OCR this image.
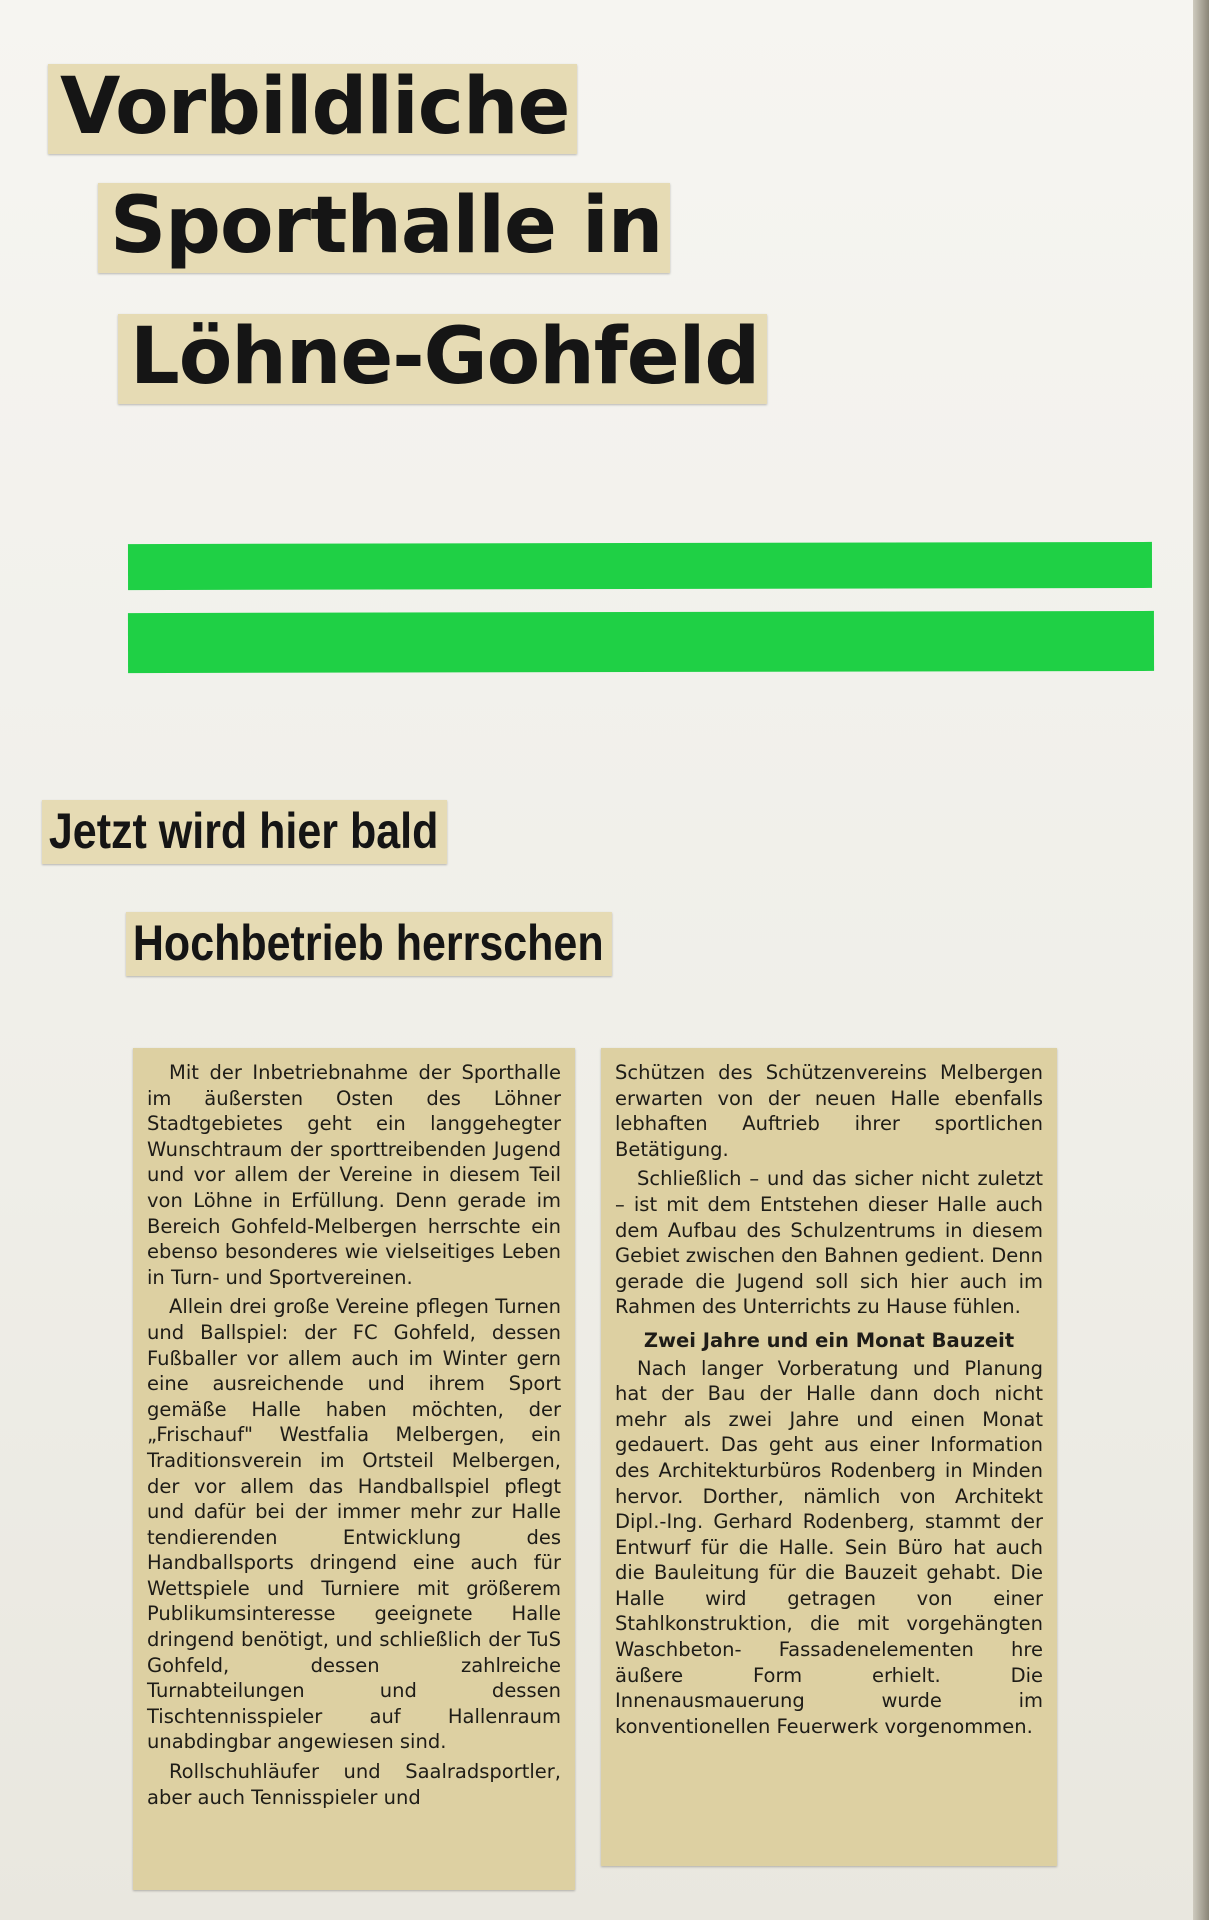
Vorbildliche
Sporthalle in
Löhne-Gohfeld
Jetzt wird hier bald
Hochbetrieb herrschen

Mit der Inbetriebnahme der Sporthalle im äußersten Osten des Löhner Stadtgebietes geht ein langgehegter Wunschtraum der sporttreibenden Jugend und vor allem der Vereine in diesem Teil von Löhne in Erfüllung. Denn gerade im Bereich Gohfeld-Melbergen herrschte ein ebenso besonderes wie vielseitiges Leben in Turn- und Sportvereinen.

Allein drei große Vereine pflegen Turnen und Ballspiel: der FC Gohfeld, dessen Fußballer vor allem auch im Winter gern eine ausreichende und ihrem Sport gemäße Halle haben möchten, der „Frischauf" Westfalia Melbergen, ein Traditionsverein im Ortsteil Melbergen, der vor allem das Handballspiel pflegt und dafür bei der immer mehr zur Halle tendierenden Entwicklung des Handballsports dringend eine auch für Wettspiele und Turniere mit größerem Publikumsinteresse geeignete Halle dringend benötigt, und schließlich der TuS Gohfeld, dessen zahlreiche Turnabteilungen und dessen Tischtennisspieler auf Hallenraum unabdingbar angewiesen sind.

Rollschuhläufer und Saalradsportler, aber auch Tennisspieler und

Schützen des Schützenvereins Melbergen erwarten von der neuen Halle ebenfalls lebhaften Auftrieb ihrer sportlichen Betätigung.

Schließlich – und das sicher nicht zuletzt – ist mit dem Entstehen dieser Halle auch dem Aufbau des Schulzentrums in diesem Gebiet zwischen den Bahnen gedient. Denn gerade die Jugend soll sich hier auch im Rahmen des Unterrichts zu Hause fühlen.

Zwei Jahre und ein Monat Bauzeit

Nach langer Vorberatung und Planung hat der Bau der Halle dann doch nicht mehr als zwei Jahre und einen Monat gedauert. Das geht aus einer Information des Architekturbüros Rodenberg in Minden hervor. Dorther, nämlich von Architekt Dipl.-Ing. Gerhard Rodenberg, stammt der Entwurf für die Halle. Sein Büro hat auch die Bauleitung für die Bauzeit gehabt. Die Halle wird getragen von einer Stahlkonstruktion, die mit vorgehängten Waschbeton- Fassadenelementen hre äußere Form erhielt. Die Innenausmauerung wurde im konventionellen Feuerwerk vorgenommen.
